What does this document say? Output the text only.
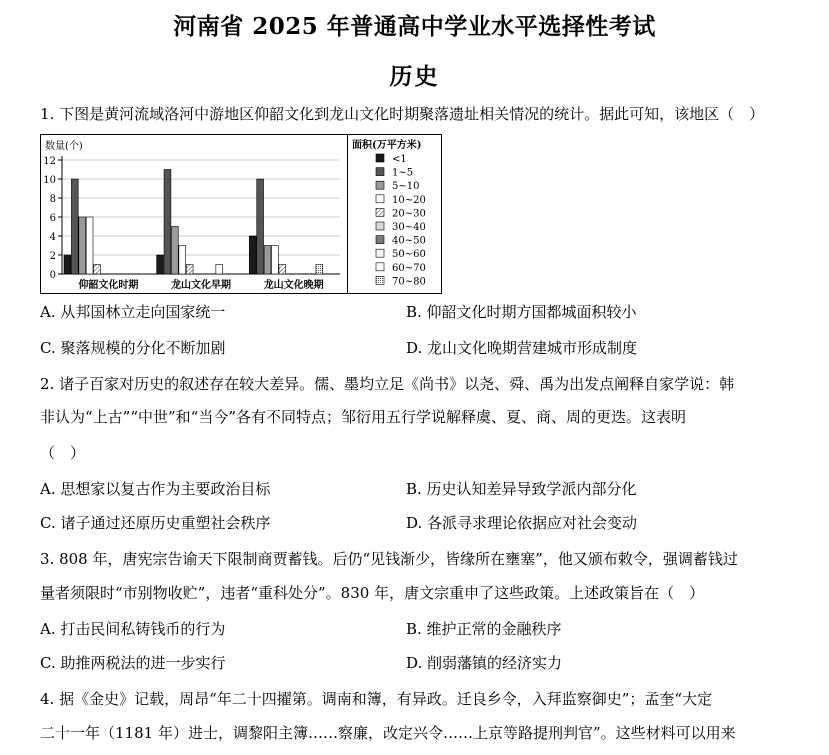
河南省 2025 年普通高中学业水平选择性考试
历史
1. 下图是黄河流域洛河中游地区仰韶文化到龙山文化时期聚落遗址相关情况的统计。据此可知，该地区（　）
数量(个)
0
2
4
6
8
10
12
仰韶文化时期	龙山文化早期	龙山文化晚期
面积(万平方米)
<1
1~5
5~10
10~20
20~30
30~40
40~50
50~60
60~70
70~80
A. 从邦国林立走向国家统一	B. 仰韶文化时期方国都城面积较小
C. 聚落规模的分化不断加剧	D. 龙山文化晚期营建城市形成制度
2. 诸子百家对历史的叙述存在较大差异。儒、墨均立足《尚书》以尧、舜、禹为出发点阐释自家学说：韩
非认为“上古”“中世”和“当今”各有不同特点；邹衍用五行学说解释虞、夏、商、周的更迭。这表明
（　）
A. 思想家以复古作为主要政治目标	B. 历史认知差异导致学派内部分化
C. 诸子通过还原历史重塑社会秩序	D. 各派寻求理论依据应对社会变动
3. 808 年，唐宪宗告谕天下限制商贾蓄钱。后仍“见钱渐少，皆缘所在壅塞”，他又颁布敕令，强调蓄钱过
量者须限时“市别物收贮”，违者“重科处分”。830 年，唐文宗重申了这些政策。上述政策旨在（　）
A. 打击民间私铸钱币的行为	B. 维护正常的金融秩序
C. 助推两税法的进一步实行	D. 削弱藩镇的经济实力
4. 据《金史》记载，周昂“年二十四擢第。调南和簿，有异政。迁良乡令，入拜监察御史”；孟奎“大定
二十一年（1181 年）进士，调黎阳主簿……察廉，改定兴令……上京等路提刑判官”。这些材料可以用来
